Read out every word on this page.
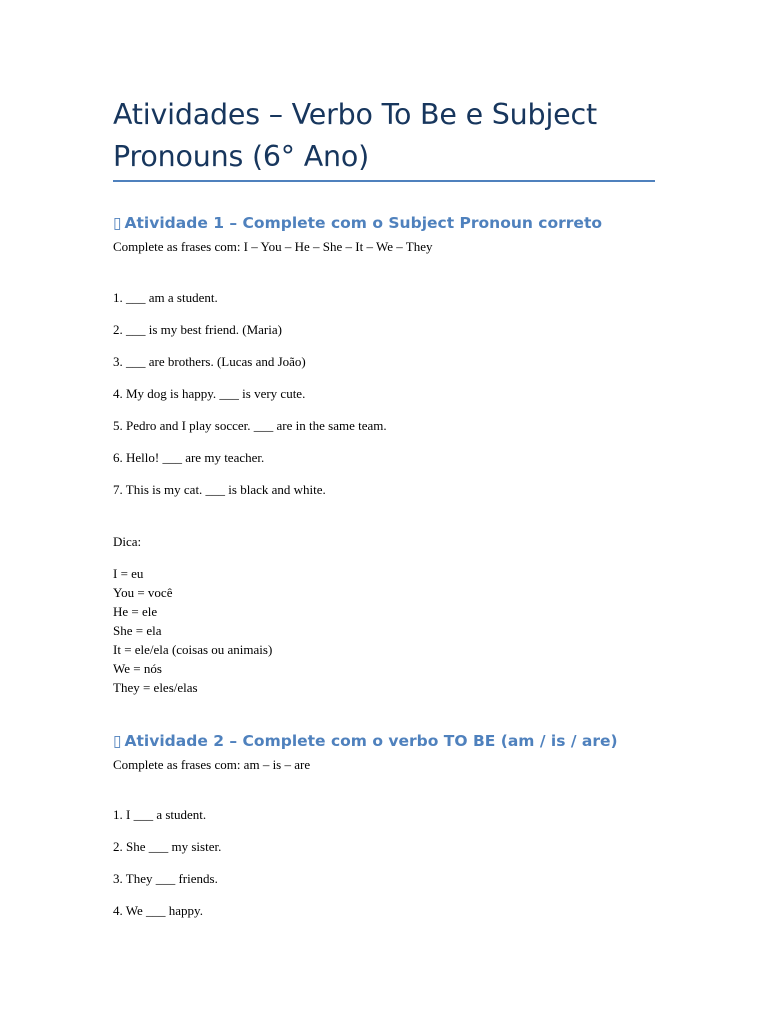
Atividades – Verbo To Be e Subject Pronouns (6° Ano)
▯ Atividade 1 – Complete com o Subject Pronoun correto

Complete as frases com: I – You – He – She – It – We – They

1. ___ am a student.

2. ___ is my best friend. (Maria)

3. ___ are brothers. (Lucas and João)

4. My dog is happy. ___ is very cute.

5. Pedro and I play soccer. ___ are in the same team.

6. Hello! ___ are my teacher.

7. This is my cat. ___ is black and white.

Dica:

I = eu

You = você

He = ele

She = ela

It = ele/ela (coisas ou animais)

We = nós

They = eles/elas

▯ Atividade 2 – Complete com o verbo TO BE (am / is / are)

Complete as frases com: am – is – are

1. I ___ a student.

2. She ___ my sister.

3. They ___ friends.

4. We ___ happy.
